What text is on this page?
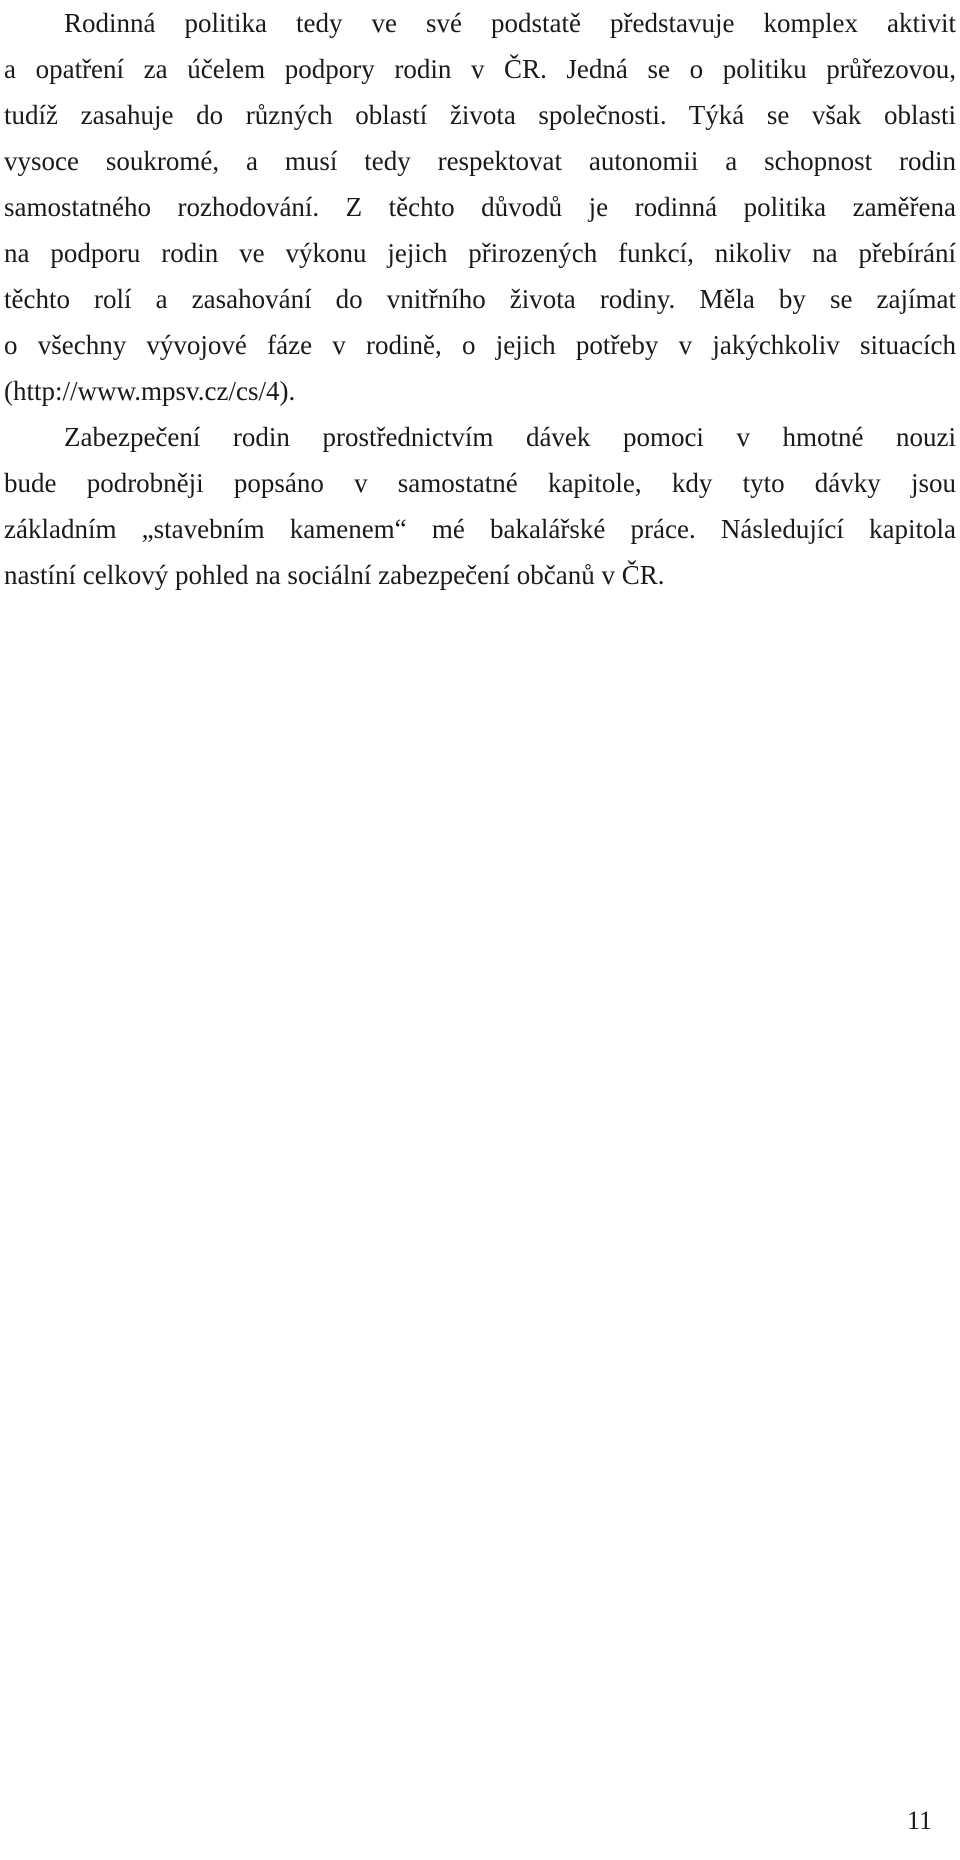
Rodinná politika tedy ve své podstatě představuje komplex aktivit
a opatření za účelem podpory rodin v ČR. Jedná se o politiku průřezovou,
tudíž zasahuje do různých oblastí života společnosti. Týká se však oblasti
vysoce soukromé, a musí tedy respektovat autonomii a schopnost rodin
samostatného rozhodování. Z těchto důvodů je rodinná politika zaměřena
na podporu rodin ve výkonu jejich přirozených funkcí, nikoliv na přebírání
těchto rolí a zasahování do vnitřního života rodiny. Měla by se zajímat
o všechny vývojové fáze v rodině, o jejich potřeby v jakýchkoliv situacích
(http://www.mpsv.cz/cs/4).
Zabezpečení rodin prostřednictvím dávek pomoci v hmotné nouzi
bude podrobněji popsáno v samostatné kapitole, kdy tyto dávky jsou
základním „stavebním kamenem“ mé bakalářské práce. Následující kapitola
nastíní celkový pohled na sociální zabezpečení občanů v ČR.
11
